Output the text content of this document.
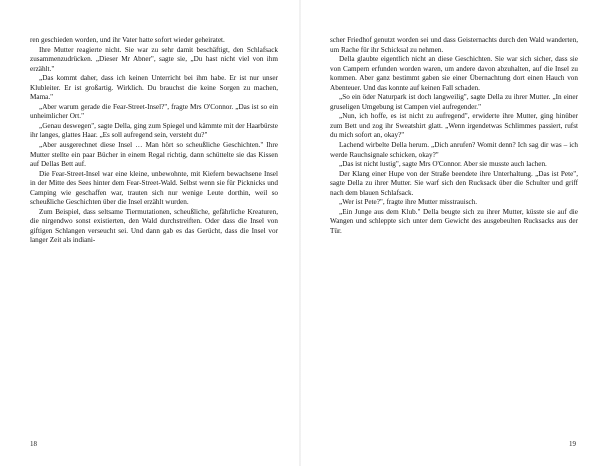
ren geschieden worden, und ihr Vater hatte sofort wieder geheiratet.

Ihre Mutter reagierte nicht. Sie war zu sehr damit beschäftigt, den Schlafsack zusammenzudrücken. „Dieser Mr Abner", sagte sie, „Du hast nicht viel von ihm erzählt."

„Das kommt daher, dass ich keinen Unterricht bei ihm habe. Er ist nur unser Klubleiter. Er ist großartig. Wirklich. Du brauchst die keine Sorgen zu machen, Mama."

„Aber warum gerade die Fear-Street-Insel?", fragte Mrs O'Connor. „Das ist so ein unheimlicher Ort."

„Genau deswegen", sagte Della, ging zum Spiegel und kämmte mit der Haarbürste ihr langes, glattes Haar. „Es soll aufregend sein, versteht du?"

„Aber ausgerechnet diese Insel … Man hört so scheußliche Geschichten." Ihre Mutter stellte ein paar Bücher in einem Regal richtig, dann schüttelte sie das Kissen auf Dellas Bett auf.

Die Fear-Street-Insel war eine kleine, unbewohnte, mit Kiefern bewachsene Insel in der Mitte des Sees hinter dem Fear-Street-Wald. Selbst wenn sie für Picknicks und Camping wie geschaffen war, trauten sich nur wenige Leute dorthin, weil so scheußliche Geschichten über die Insel erzählt wurden.

Zum Beispiel, dass seltsame Tiermutationen, scheußliche, gefährliche Kreaturen, die nirgendwo sonst existierten, den Wald durchstreiften. Oder dass die Insel von giftigen Schlangen verseucht sei. Und dann gab es das Gerücht, dass die Insel vor langer Zeit als indiani-

18

scher Friedhof genutzt worden sei und dass Geisternachts durch den Wald wanderten, um Rache für ihr Schicksal zu nehmen.

Della glaubte eigentlich nicht an diese Geschichten. Sie war sich sicher, dass sie von Campern erfunden worden waren, um andere davon abzuhalten, auf die Insel zu kommen. Aber ganz bestimmt gaben sie einer Übernachtung dort einen Hauch von Abenteuer. Und das konnte auf keinen Fall schaden.

„So ein öder Naturpark ist doch langweilig", sagte Della zu ihrer Mutter. „In einer gruseligen Umgebung ist Campen viel aufregender."

„Nun, ich hoffe, es ist nicht zu aufregend", erwiderte ihre Mutter, ging hinüber zum Bett und zog ihr Sweatshirt glatt. „Wenn irgendetwas Schlimmes passiert, rufst du mich sofort an, okay?"

Lachend wirbelte Della herum. „Dich anrufen? Womit denn? Ich sag dir was – ich werde Rauchsignale schicken, okay?"

„Das ist nicht lustig", sagte Mrs O'Connor. Aber sie musste auch lachen.

Der Klang einer Hupe von der Straße beendete ihre Unterhaltung. „Das ist Pete", sagte Della zu ihrer Mutter. Sie warf sich den Rucksack über die Schulter und griff nach dem blauen Schlafsack.

„Wer ist Pete?", fragte ihre Mutter misstrauisch.

„Ein Junge aus dem Klub." Della beugte sich zu ihrer Mutter, küsste sie auf die Wangen und schleppte sich unter dem Gewicht des ausgebeulten Rucksacks aus der Tür.

19
